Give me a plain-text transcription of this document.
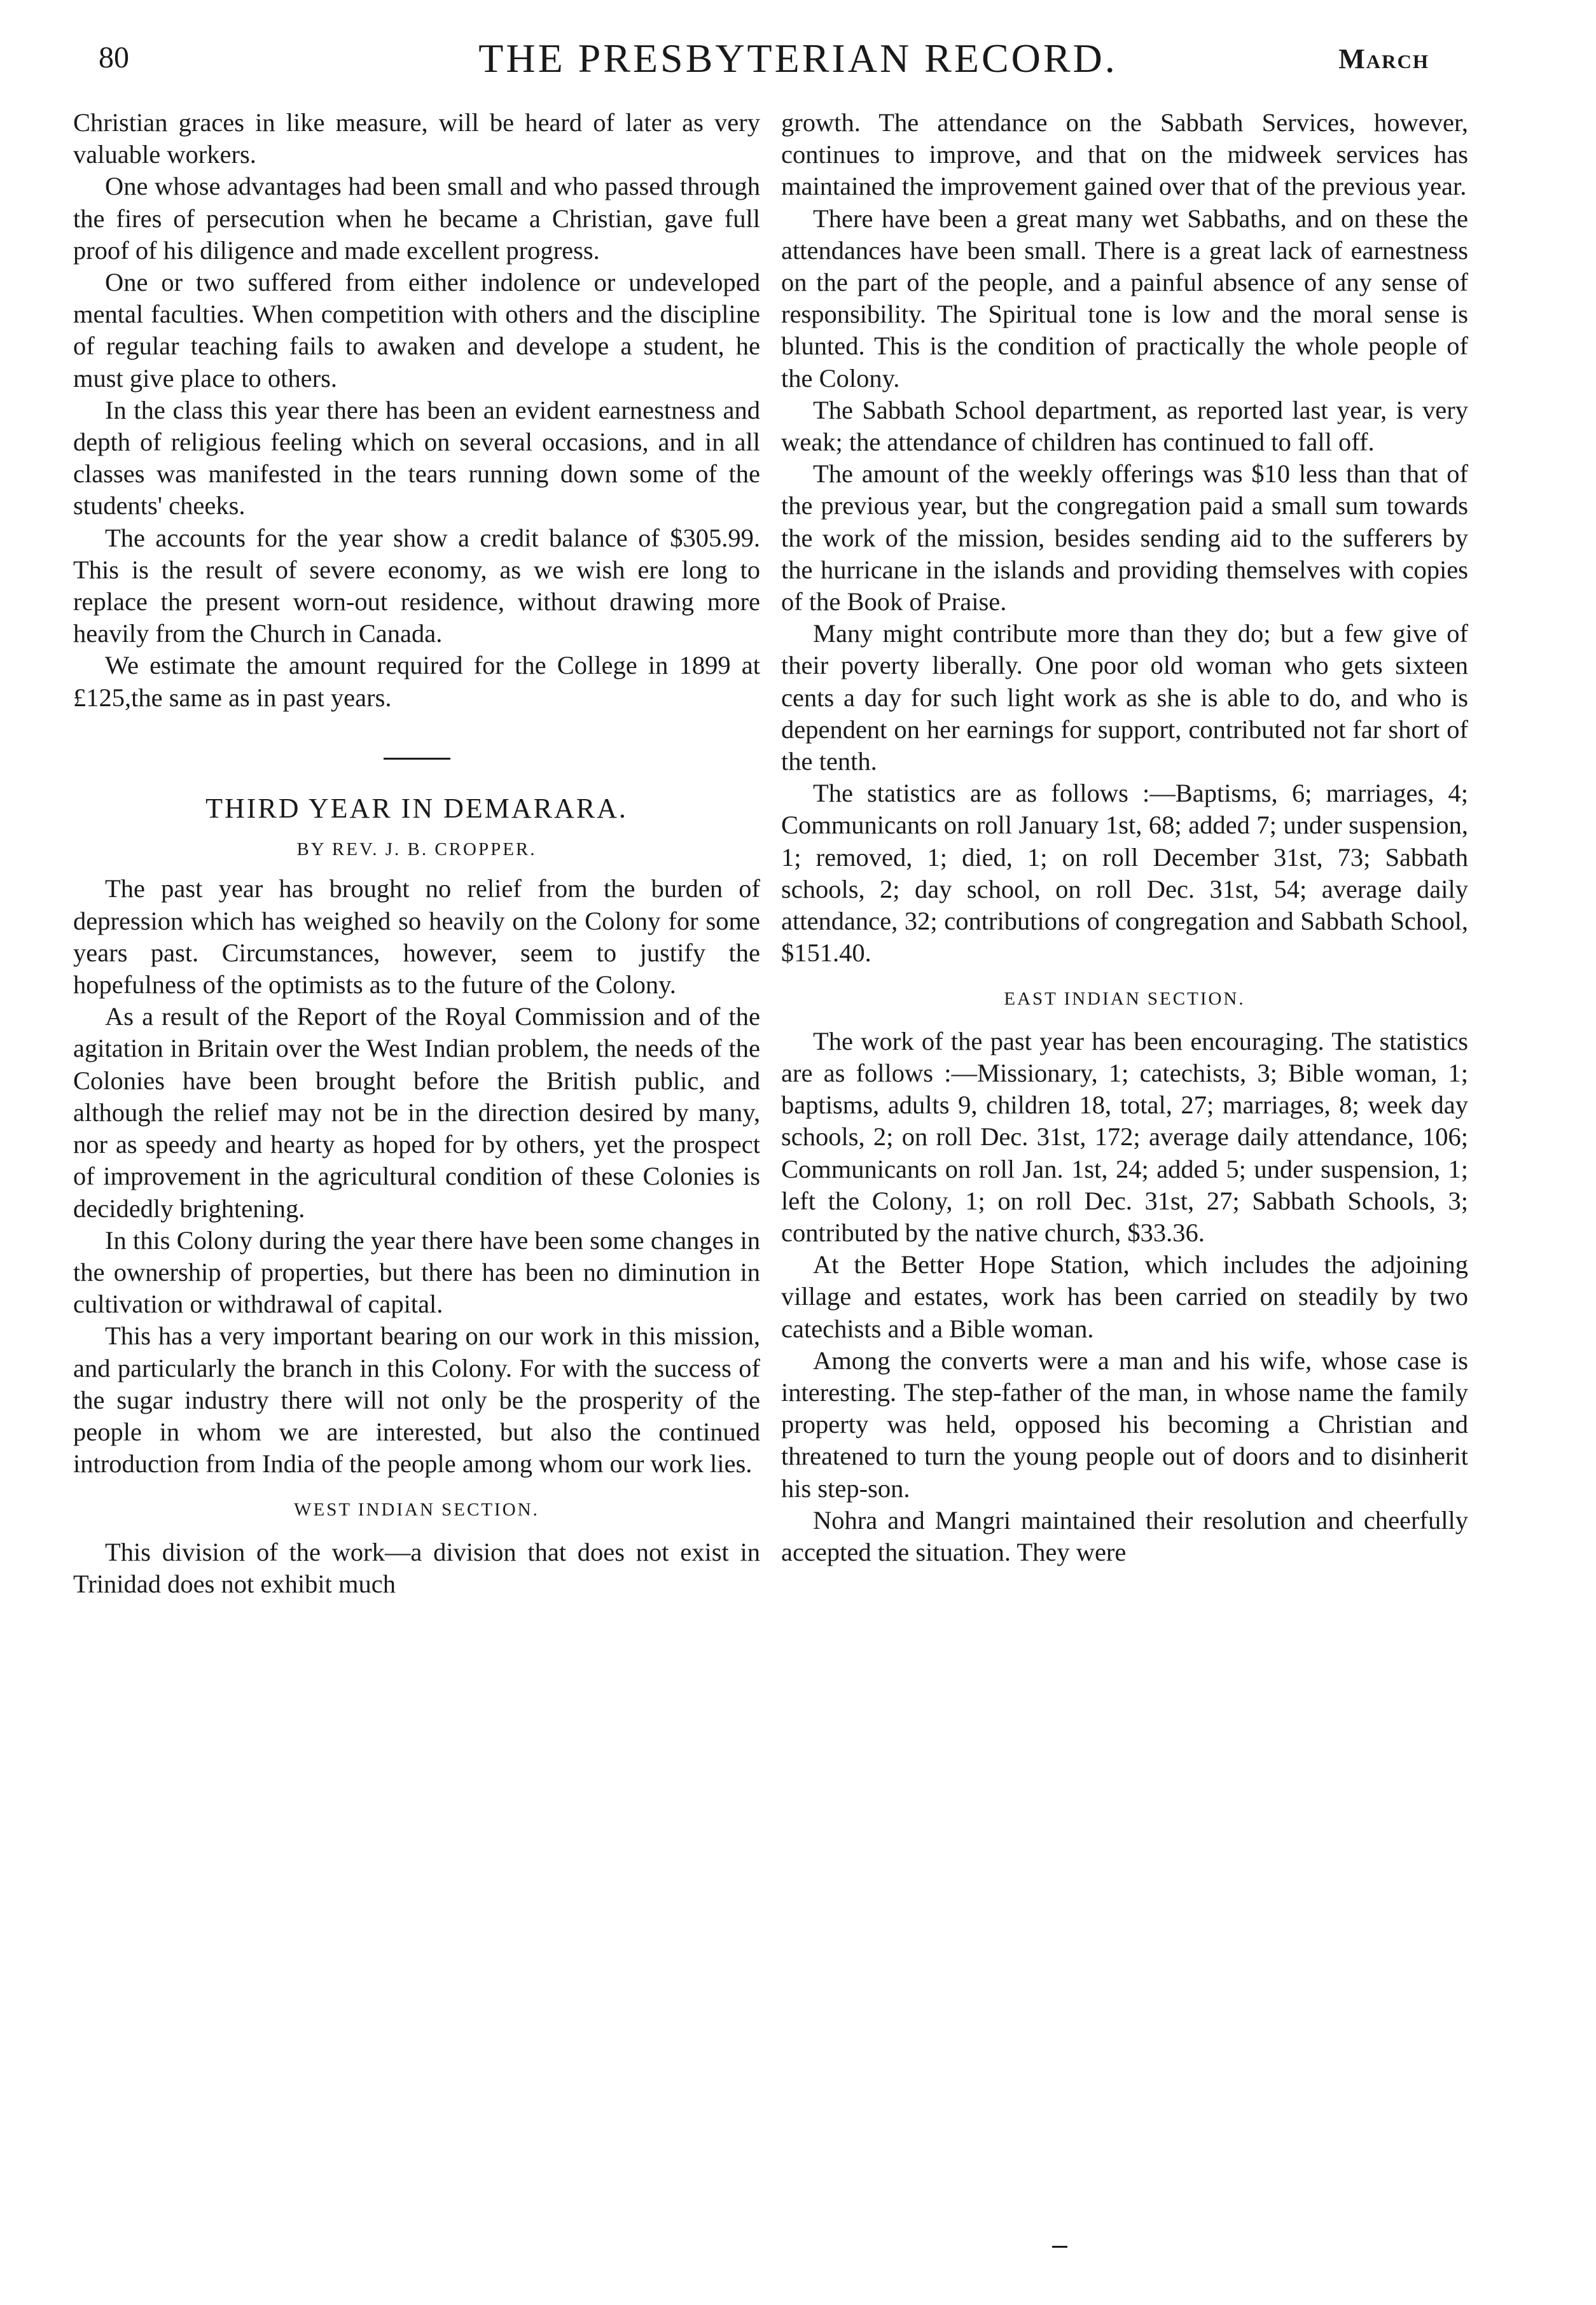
80	THE PRESBYTERIAN RECORD.	March

Christian graces in like measure, will be heard of later as very valuable workers.

One whose advantages had been small and who passed through the fires of persecution when he became a Christian, gave full proof of his diligence and made excellent progress.

One or two suffered from either indolence or undeveloped mental faculties. When competition with others and the discipline of regular teaching fails to awaken and develope a student, he must give place to others.

In the class this year there has been an evident earnestness and depth of religious feeling which on several occasions, and in all classes was manifested in the tears running down some of the students' cheeks.

The accounts for the year show a credit balance of $305.99. This is the result of severe economy, as we wish ere long to replace the present worn-out residence, without drawing more heavily from the Church in Canada.

We estimate the amount required for the College in 1899 at £125,the same as in past years.

THIRD YEAR IN DEMARARA.
BY REV. J. B. CROPPER.

The past year has brought no relief from the burden of depression which has weighed so heavily on the Colony for some years past. Circumstances, however, seem to justify the hopefulness of the optimists as to the future of the Colony.

As a result of the Report of the Royal Commission and of the agitation in Britain over the West Indian problem, the needs of the Colonies have been brought before the British public, and although the relief may not be in the direction desired by many, nor as speedy and hearty as hoped for by others, yet the prospect of improvement in the agricultural condition of these Colonies is decidedly brightening.

In this Colony during the year there have been some changes in the ownership of properties, but there has been no diminution in cultivation or withdrawal of capital.

This has a very important bearing on our work in this mission, and particularly the branch in this Colony. For with the success of the sugar industry there will not only be the prosperity of the people in whom we are interested, but also the continued introduction from India of the people among whom our work lies.

WEST INDIAN SECTION.

This division of the work—a division that does not exist in Trinidad does not exhibit much

growth. The attendance on the Sabbath Services, however, continues to improve, and that on the midweek services has maintained the improvement gained over that of the previous year.

There have been a great many wet Sabbaths, and on these the attendances have been small. There is a great lack of earnestness on the part of the people, and a painful absence of any sense of responsibility. The Spiritual tone is low and the moral sense is blunted. This is the condition of practically the whole people of the Colony.

The Sabbath School department, as reported last year, is very weak; the attendance of children has continued to fall off.

The amount of the weekly offerings was $10 less than that of the previous year, but the congregation paid a small sum towards the work of the mission, besides sending aid to the sufferers by the hurricane in the islands and providing themselves with copies of the Book of Praise.

Many might contribute more than they do; but a few give of their poverty liberally. One poor old woman who gets sixteen cents a day for such light work as she is able to do, and who is dependent on her earnings for support, contributed not far short of the tenth.

The statistics are as follows :—Baptisms, 6; marriages, 4; Communicants on roll January 1st, 68; added 7; under suspension, 1; removed, 1; died, 1; on roll December 31st, 73; Sabbath schools, 2; day school, on roll Dec. 31st, 54; average daily attendance, 32; contributions of congregation and Sabbath School, $151.40.

EAST INDIAN SECTION.

The work of the past year has been encouraging. The statistics are as follows :—Missionary, 1; catechists, 3; Bible woman, 1; baptisms, adults 9, children 18, total, 27; marriages, 8; week day schools, 2; on roll Dec. 31st, 172; average daily attendance, 106; Communicants on roll Jan. 1st, 24; added 5; under suspension, 1; left the Colony, 1; on roll Dec. 31st, 27; Sabbath Schools, 3; contributed by the native church, $33.36.

At the Better Hope Station, which includes the adjoining village and estates, work has been carried on steadily by two catechists and a Bible woman.

Among the converts were a man and his wife, whose case is interesting. The step-father of the man, in whose name the family property was held, opposed his becoming a Christian and threatened to turn the young people out of doors and to disinherit his step-son.

Nohra and Mangri maintained their resolution and cheerfully accepted the situation. They were
